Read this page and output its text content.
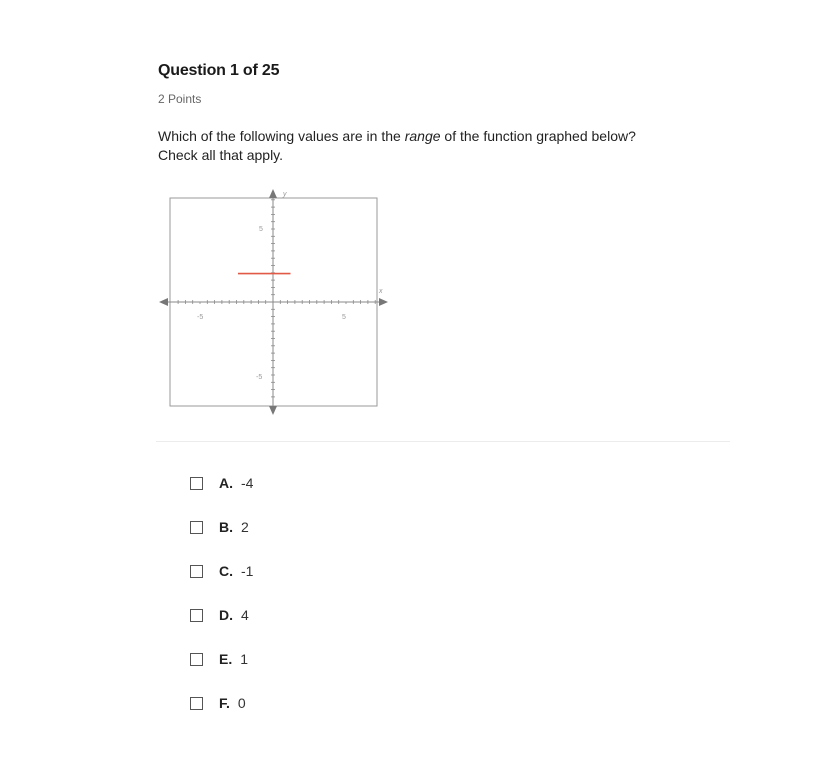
Question 1 of 25
2 Points
Which of the following values are in the range of the function graphed below?
Check all that apply.
y
x
-5	5
5
-5
A. -4
B. 2
C. -1
D. 4
E. 1
F. 0
